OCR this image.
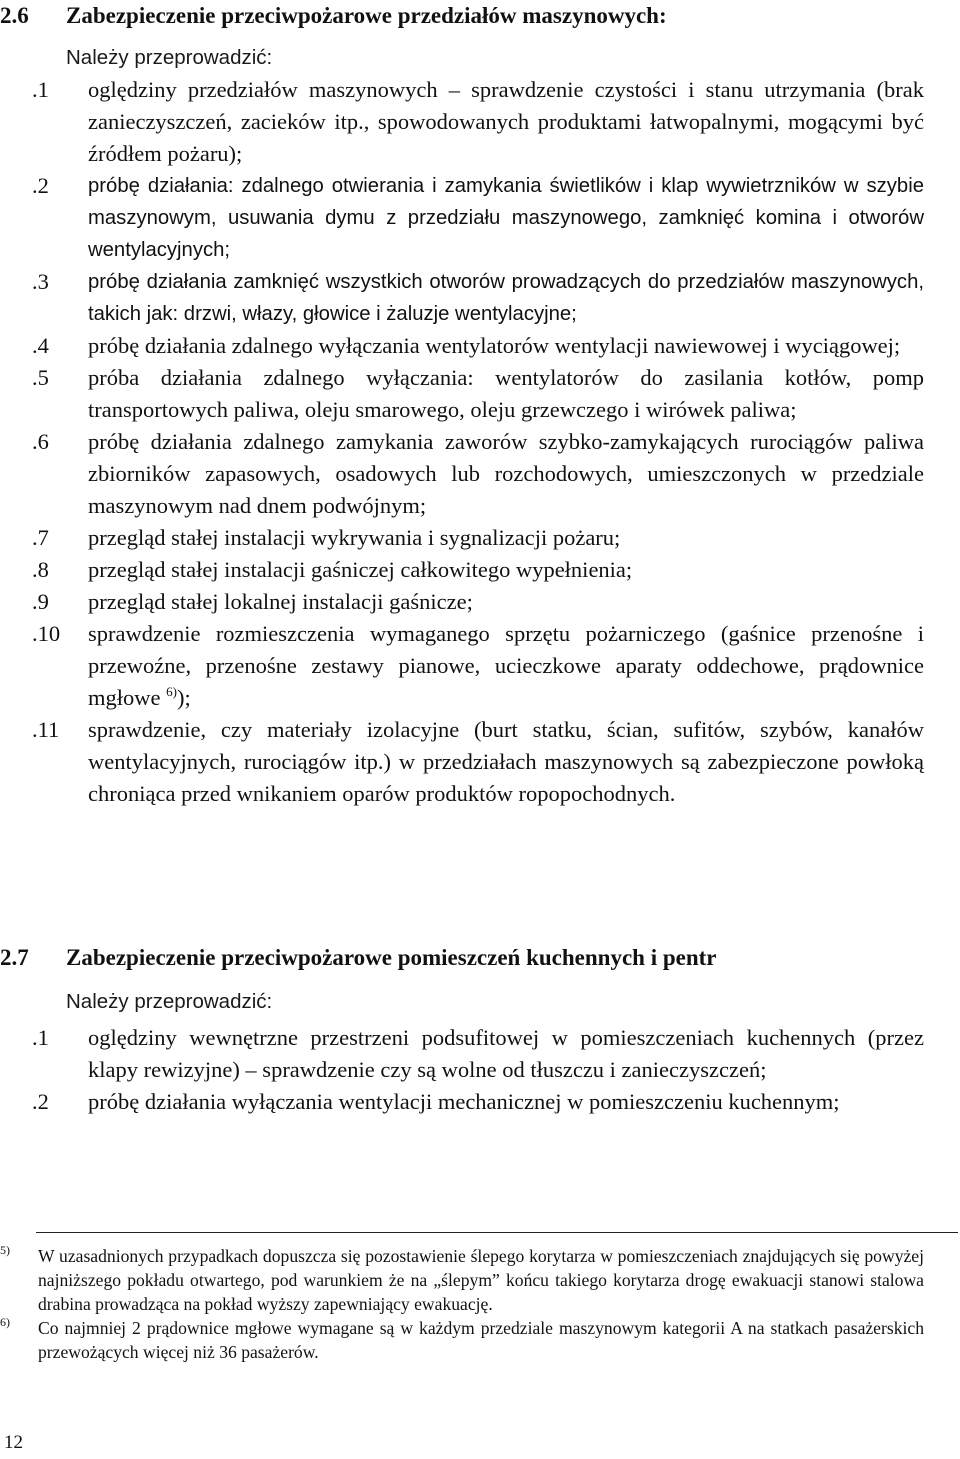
2.6 Zabezpieczenie przeciwpożarowe przedziałów maszynowych:
Należy przeprowadzić:
.1 oględziny przedziałów maszynowych – sprawdzenie czystości i stanu utrzymania (brak zanieczyszczeń, zacieków itp., spowodowanych produktami łatwopalnymi, mogącymi być źródłem pożaru);
.2 próbę działania: zdalnego otwierania i zamykania świetlików i klap wywietrzników w szybie maszynowym, usuwania dymu z przedziału maszynowego, zamknięć komina i otworów wentylacyjnych;
.3 próbę działania zamknięć wszystkich otworów prowadzących do przedziałów maszynowych, takich jak: drzwi, włazy, głowice i żaluzje wentylacyjne;
.4 próbę działania zdalnego wyłączania wentylatorów wentylacji nawiewowej i wyciągowej;
.5 próba działania zdalnego wyłączania: wentylatorów do zasilania kotłów, pomp transportowych paliwa, oleju smarowego, oleju grzewczego i wirówek paliwa;
.6 próbę działania zdalnego zamykania zaworów szybko-zamykających rurociągów paliwa zbiorników zapasowych, osadowych lub rozchodowych, umieszczonych w przedziale maszynowym nad dnem podwójnym;
.7 przegląd stałej instalacji wykrywania i sygnalizacji pożaru;
.8 przegląd stałej instalacji gaśniczej całkowitego wypełnienia;
.9 przegląd stałej lokalnej instalacji gaśnicze;
.10 sprawdzenie rozmieszczenia wymaganego sprzętu pożarniczego (gaśnice przenośne i przewoźne, przenośne zestawy pianowe, ucieczkowe aparaty oddechowe, prądownice mgłowe $^{6)}$);
.11 sprawdzenie, czy materiały izolacyjne (burt statku, ścian, sufitów, szybów, kanałów wentylacyjnych, rurociągów itp.) w przedziałach maszynowych są zabezpieczone powłoką chroniąca przed wnikaniem oparów produktów ropopochodnych.
2.7 Zabezpieczenie przeciwpożarowe pomieszczeń kuchennych i pentr
Należy przeprowadzić:
.1 oględziny wewnętrzne przestrzeni podsufitowej w pomieszczeniach kuchennych (przez klapy rewizyjne) – sprawdzenie czy są wolne od tłuszczu i zanieczyszczeń;
.2 próbę działania wyłączania wentylacji mechanicznej w pomieszczeniu kuchennym;
5) W uzasadnionych przypadkach dopuszcza się pozostawienie ślepego korytarza w pomieszczeniach znajdujących się powyżej najniższego pokładu otwartego, pod warunkiem że na „ślepym” końcu takiego korytarza drogę ewakuacji stanowi stalowa drabina prowadząca na pokład wyższy zapewniający ewakuację.
6) Co najmniej 2 prądownice mgłowe wymagane są w każdym przedziale maszynowym kategorii A na statkach pasażerskich przewożących więcej niż 36 pasażerów.
12
